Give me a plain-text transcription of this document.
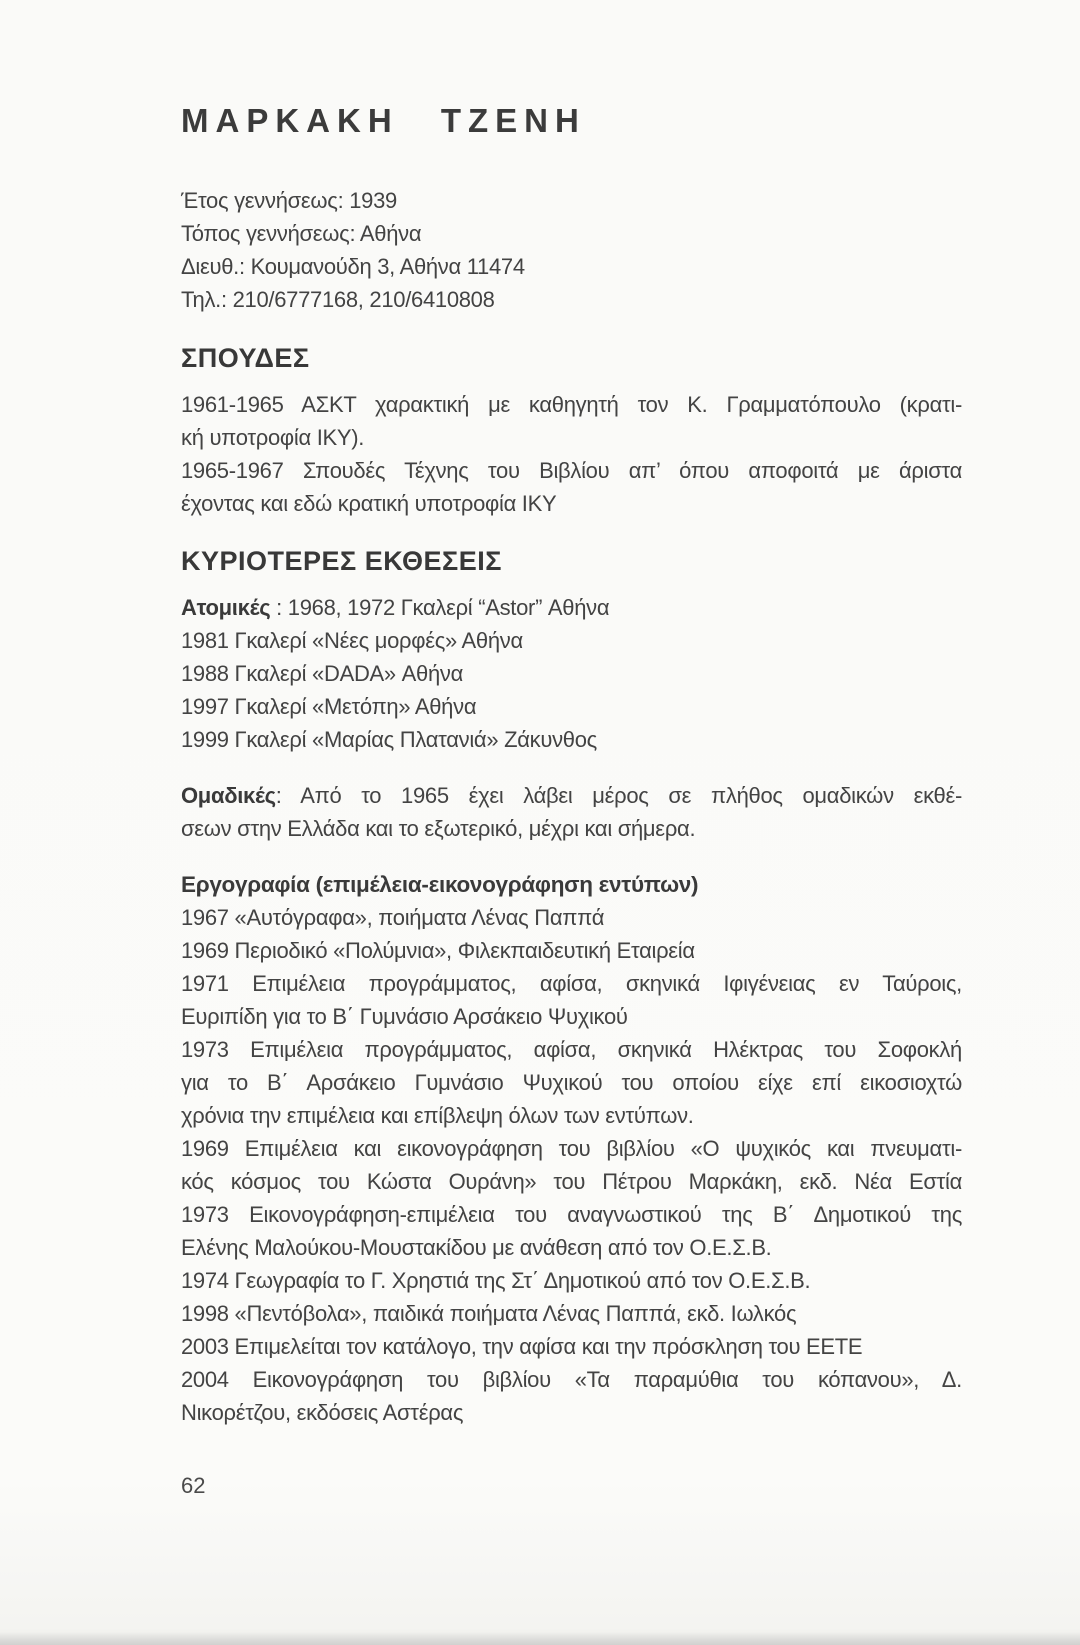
ΜΑΡΚΑΚΗ ΤΖΕΝΗ
Έτος γεννήσεως: 1939
Τόπος γεννήσεως: Αθήνα
Διευθ.: Κουμανούδη 3, Αθήνα 11474
Τηλ.: 210/6777168, 210/6410808
ΣΠΟΥΔΕΣ
1961-1965 ΑΣΚΤ χαρακτική με καθηγητή τον Κ. Γραμματόπουλο (κρατι-
κή υποτροφία ΙΚΥ).
1965-1967 Σπουδές Τέχνης του Βιβλίου απ’ όπου αποφοιτά με άριστα
έχοντας και εδώ κρατική υποτροφία ΙΚΥ
ΚΥΡΙΟΤΕΡΕΣ ΕΚΘΕΣΕΙΣ
Ατομικές : 1968, 1972 Γκαλερί “Astor” Αθήνα
1981 Γκαλερί «Νέες μορφές» Αθήνα
1988 Γκαλερί «DADA» Αθήνα
1997 Γκαλερί «Μετόπη» Αθήνα
1999 Γκαλερί «Μαρίας Πλατανιά» Ζάκυνθος
Ομαδικές: Από το 1965 έχει λάβει μέρος σε πλήθος ομαδικών εκθέ-
σεων στην Ελλάδα και το εξωτερικό, μέχρι και σήμερα.
Εργογραφία (επιμέλεια-εικονογράφηση εντύπων)
1967 «Αυτόγραφα», ποιήματα Λένας Παππά
1969 Περιοδικό «Πολύμνια», Φιλεκπαιδευτική Εταιρεία
1971 Επιμέλεια προγράμματος, αφίσα, σκηνικά Ιφιγένειας εν Ταύροις,
Ευριπίδη για το Β΄ Γυμνάσιο Αρσάκειο Ψυχικού
1973 Επιμέλεια προγράμματος, αφίσα, σκηνικά Ηλέκτρας του Σοφοκλή
για το Β΄ Αρσάκειο Γυμνάσιο Ψυχικού του οποίου είχε επί εικοσιοχτώ
χρόνια την επιμέλεια και επίβλεψη όλων των εντύπων.
1969 Επιμέλεια και εικονογράφηση του βιβλίου «Ο ψυχικός και πνευματι-
κός κόσμος του Κώστα Ουράνη» του Πέτρου Μαρκάκη, εκδ. Νέα Εστία
1973 Εικονογράφηση-επιμέλεια του αναγνωστικού της Β΄ Δημοτικού της
Ελένης Μαλούκου-Μουστακίδου με ανάθεση από τον Ο.Ε.Σ.Β.
1974 Γεωγραφία το Γ. Χρηστιά της Στ΄ Δημοτικού από τον Ο.Ε.Σ.Β.
1998 «Πεντόβολα», παιδικά ποιήματα Λένας Παππά, εκδ. Ιωλκός
2003 Επιμελείται τον κατάλογο, την αφίσα και την πρόσκληση του ΕΕΤΕ
2004 Εικονογράφηση του βιβλίου «Τα παραμύθια του κόπανου», Δ.
Νικορέτζου, εκδόσεις Αστέρας
62
